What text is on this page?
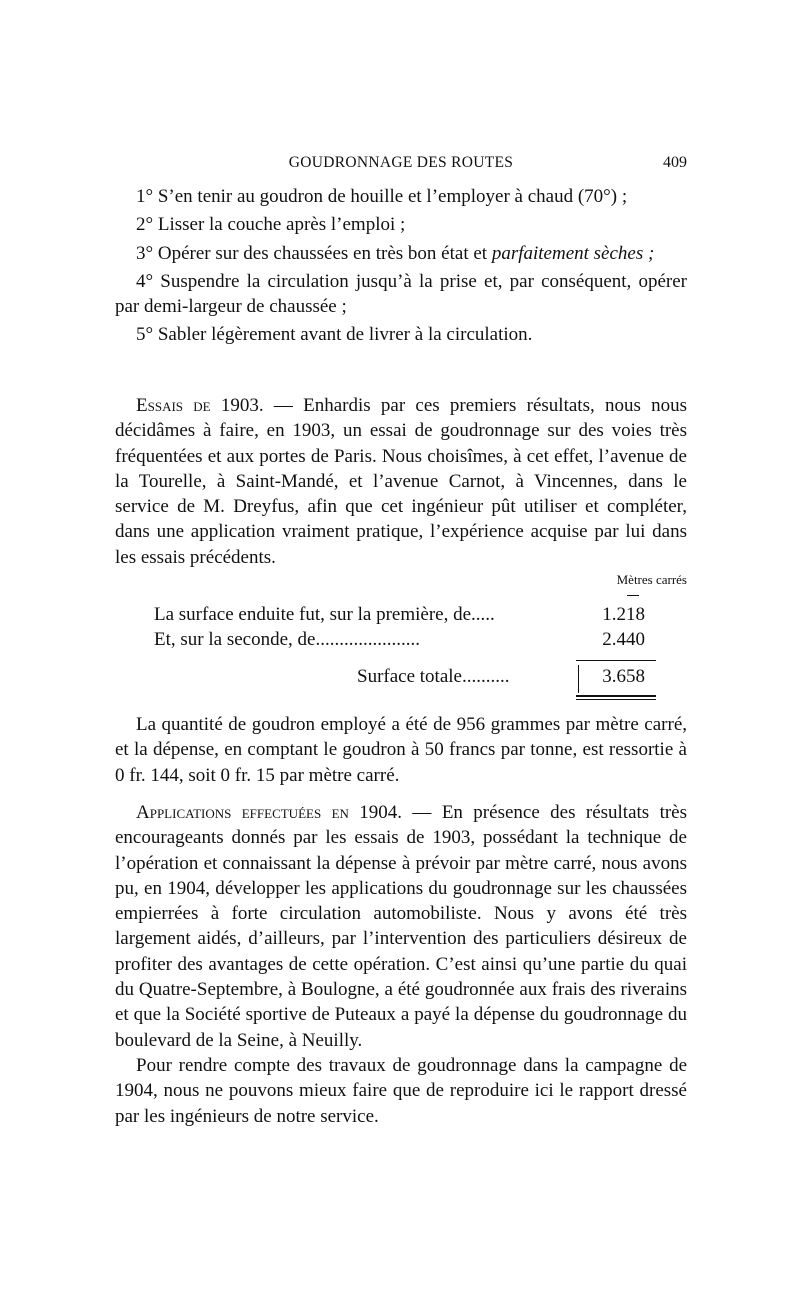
GOUDRONNAGE DES ROUTES	409

1° S’en tenir au goudron de houille et l’employer à chaud (70°) ;

2° Lisser la couche après l’emploi ;

3° Opérer sur des chaussées en très bon état et parfaitement sèches ;

4° Suspendre la circulation jusqu’à la prise et, par conséquent, opérer par demi-largeur de chaussée ;

5° Sabler légèrement avant de livrer à la circulation.

Essais de 1903. — Enhardis par ces premiers résultats, nous nous décidâmes à faire, en 1903, un essai de goudronnage sur des voies très fréquentées et aux portes de Paris. Nous choisîmes, à cet effet, l’avenue de la Tourelle, à Saint-Mandé, et l’avenue Carnot, à Vincennes, dans le service de M. Dreyfus, afin que cet ingénieur pût utiliser et compléter, dans une application vraiment pratique, l’expérience acquise par lui dans les essais précédents.

Mètres carrés
La surface enduite fut, sur la première, de.....	1.218
Et, sur la seconde, de......................	2.440
Surface totale..........	3.658

La quantité de goudron employé a été de 956 grammes par mètre carré, et la dépense, en comptant le goudron à 50 francs par tonne, est ressortie à 0 fr. 144, soit 0 fr. 15 par mètre carré.

Applications effectuées en 1904. — En présence des résultats très encourageants donnés par les essais de 1903, possédant la technique de l’opération et connaissant la dépense à prévoir par mètre carré, nous avons pu, en 1904, développer les applications du goudronnage sur les chaussées empierrées à forte circulation automobiliste. Nous y avons été très largement aidés, d’ailleurs, par l’intervention des particuliers désireux de profiter des avantages de cette opération. C’est ainsi qu’une partie du quai du Quatre-Septembre, à Boulogne, a été goudronnée aux frais des riverains et que la Société sportive de Puteaux a payé la dépense du goudronnage du boulevard de la Seine, à Neuilly.

Pour rendre compte des travaux de goudronnage dans la campagne de 1904, nous ne pouvons mieux faire que de reproduire ici le rapport dressé par les ingénieurs de notre service.
